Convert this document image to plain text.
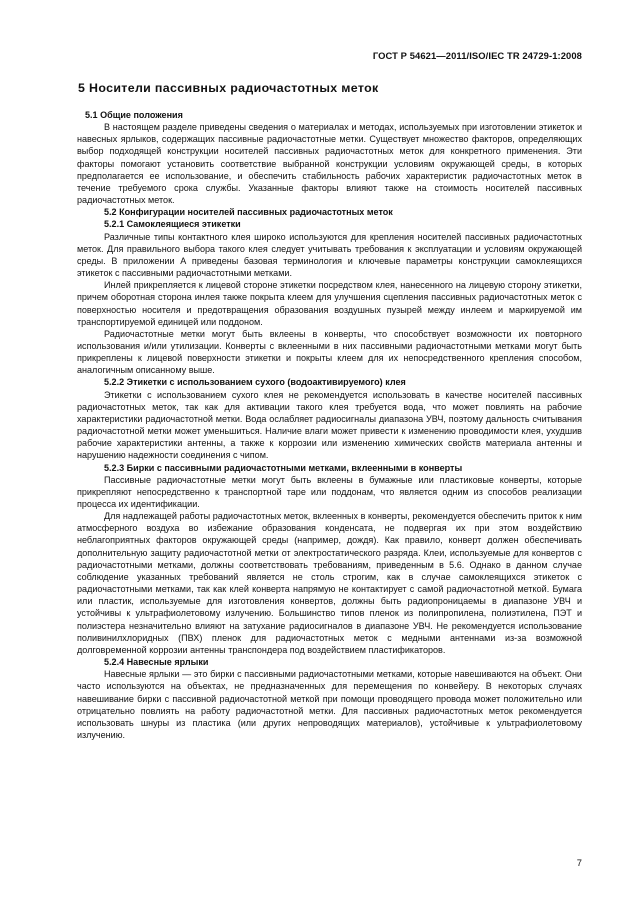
ГОСТ Р 54621—2011/ISO/IEC TR 24729-1:2008
5 Носители пассивных радиочастотных меток

5.1 Общие положения

В настоящем разделе приведены сведения о материалах и методах, используемых при изготовлении этикеток и навесных ярлыков, содержащих пассивные радиочастотные метки. Существует множество факторов, определяющих выбор подходящей конструкции носителей пассивных радиочастотных меток для конкретного применения. Эти факторы помогают установить соответствие выбранной конструкции условиям окружающей среды, в которых предполагается ее использование, и обеспечить стабильность рабочих характеристик радиочастотных меток в течение требуемого срока службы. Указанные факторы влияют также на стоимость носителей пассивных радиочастотных меток.

5.2 Конфигурации носителей пассивных радиочастотных меток

5.2.1 Самоклеящиеся этикетки

Различные типы контактного клея широко используются для крепления носителей пассивных радиочастотных меток. Для правильного выбора такого клея следует учитывать требования к эксплуатации и условиям окружающей среды. В приложении А приведены базовая терминология и ключевые параметры конструкции самоклеящихся этикеток с пассивными радиочастотными метками.

Инлей прикрепляется к лицевой стороне этикетки посредством клея, нанесенного на лицевую сторону этикетки, причем оборотная сторона инлея также покрыта клеем для улучшения сцепления пассивных радиочастотных меток с поверхностью носителя и предотвращения образования воздушных пузырей между инлеем и маркируемой им транспортируемой единицей или поддоном.

Радиочастотные метки могут быть вклеены в конверты, что способствует возможности их повторного использования и/или утилизации. Конверты с вклеенными в них пассивными радиочастотными метками могут быть прикреплены к лицевой поверхности этикетки и покрыты клеем для их непосредственного крепления способом, аналогичным описанному выше.

5.2.2 Этикетки с использованием сухого (водоактивируемого) клея

Этикетки с использованием сухого клея не рекомендуется использовать в качестве носителей пассивных радиочастотных меток, так как для активации такого клея требуется вода, что может повлиять на рабочие характеристики радиочастотной метки. Вода ослабляет радиосигналы диапазона УВЧ, поэтому дальность считывания радиочастотной метки может уменьшиться. Наличие влаги может привести к изменению проводимости клея, ухудшив рабочие характеристики антенны, а также к коррозии или изменению химических свойств материала антенны и нарушению надежности соединения с чипом.

5.2.3 Бирки с пассивными радиочастотными метками, вклеенными в конверты

Пассивные радиочастотные метки могут быть вклеены в бумажные или пластиковые конверты, которые прикрепляют непосредственно к транспортной таре или поддонам, что является одним из способов реализации процесса их идентификации.

Для надлежащей работы радиочастотных меток, вклеенных в конверты, рекомендуется обеспечить приток к ним атмосферного воздуха во избежание образования конденсата, не подвергая их при этом воздействию неблагоприятных факторов окружающей среды (например, дождя). Как правило, конверт должен обеспечивать дополнительную защиту радиочастотной метки от электростатического разряда. Клеи, используемые для конвертов с радиочастотными метками, должны соответствовать требованиям, приведенным в 5.6. Однако в данном случае соблюдение указанных требований является не столь строгим, как в случае самоклеящихся этикеток с радиочастотными метками, так как клей конверта напрямую не контактирует с самой радиочастотной меткой. Бумага или пластик, используемые для изготовления конвертов, должны быть радиопроницаемы в диапазоне УВЧ и устойчивы к ультрафиолетовому излучению. Большинство типов пленок из полипропилена, полиэтилена, ПЭТ и полиэстера незначительно влияют на затухание радиосигналов в диапазоне УВЧ. Не рекомендуется использование поливинилхлоридных (ПВХ) пленок для радиочастотных меток с медными антеннами из-за возможной долговременной коррозии антенны транспондера под воздействием пластификаторов.

5.2.4 Навесные ярлыки

Навесные ярлыки — это бирки с пассивными радиочастотными метками, которые навешиваются на объект. Они часто используются на объектах, не предназначенных для перемещения по конвейеру. В некоторых случаях навешивание бирки с пассивной радиочастотной меткой при помощи проводящего провода может положительно или отрицательно повлиять на работу радиочастотной метки. Для пассивных радиочастотных меток рекомендуется использовать шнуры из пластика (или других непроводящих материалов), устойчивые к ультрафиолетовому излучению.

7
